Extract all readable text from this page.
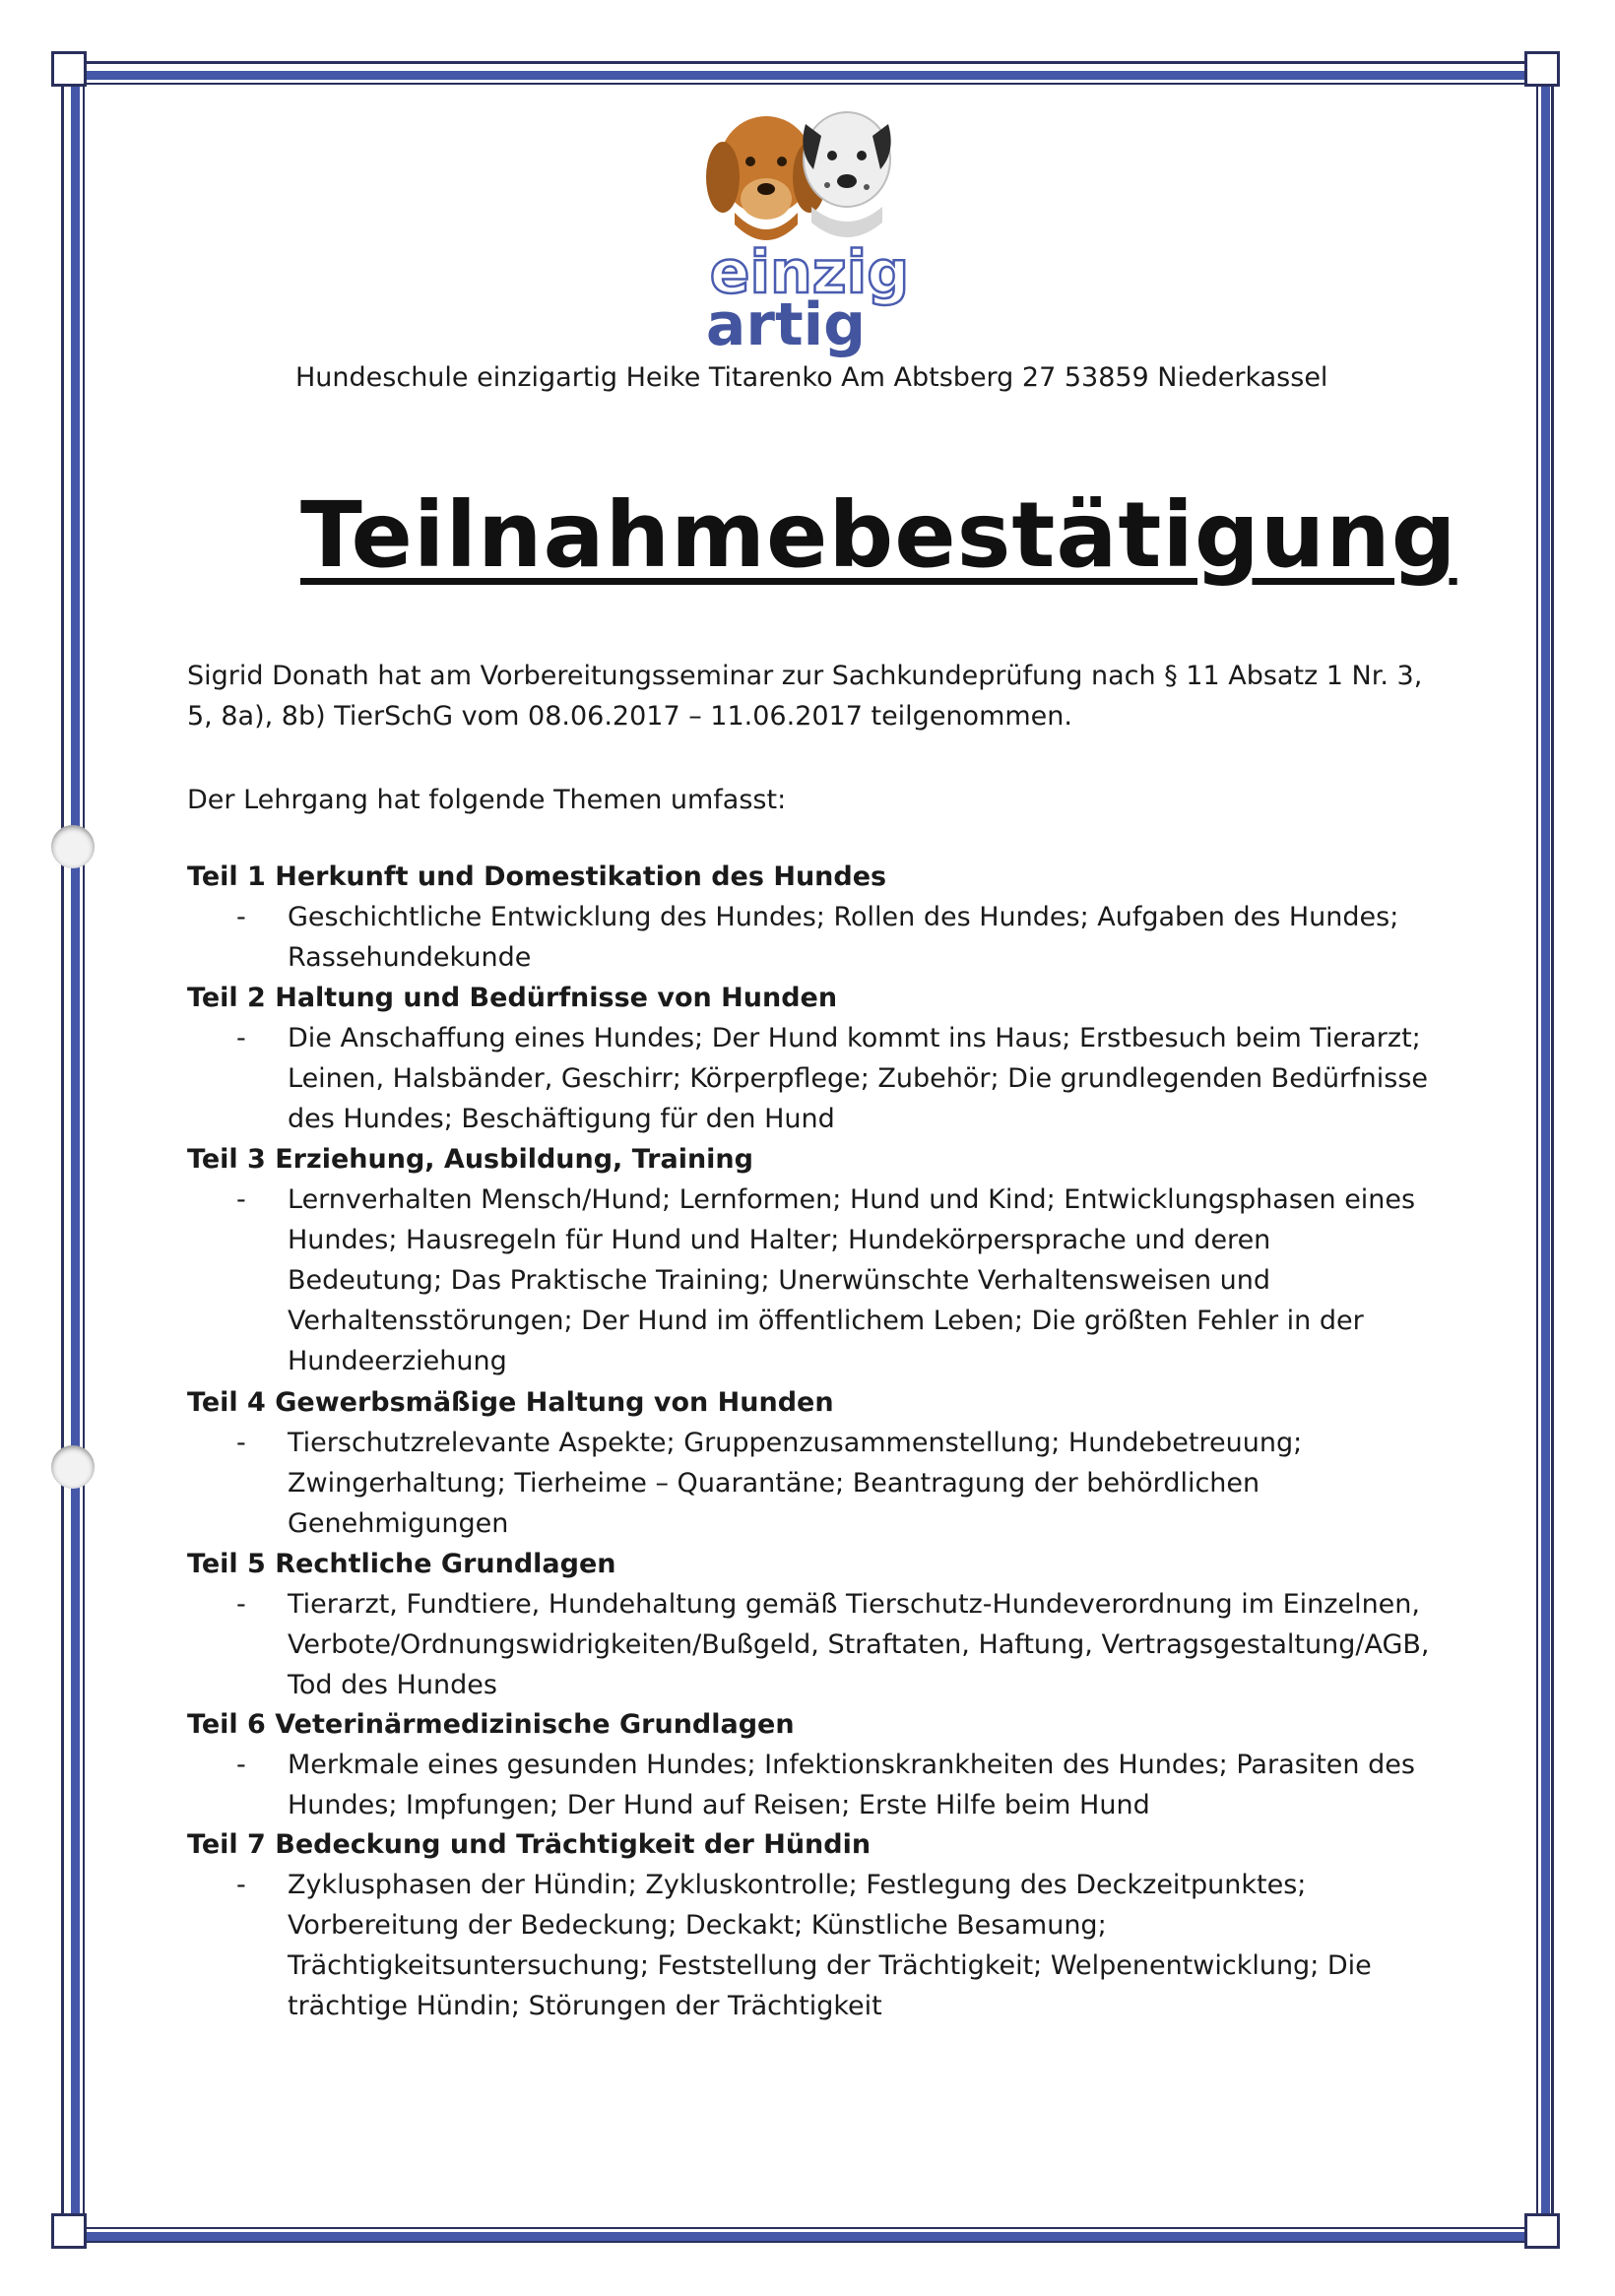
einzig
artig
Hundeschule einzigartig Heike Titarenko Am Abtsberg 27 53859 Niederkassel
Teilnahmebestätigung
Sigrid Donath hat am Vorbereitungsseminar zur Sachkundeprüfung nach § 11 Absatz 1 Nr. 3, 5, 8a), 8b) TierSchG vom 08.06.2017 – 11.06.2017 teilgenommen.
Der Lehrgang hat folgende Themen umfasst:
Teil 1 Herkunft und Domestikation des Hundes
-	Geschichtliche Entwicklung des Hundes; Rollen des Hundes; Aufgaben des Hundes; Rassehundekunde
Teil 2 Haltung und Bedürfnisse von Hunden
-	Die Anschaffung eines Hundes; Der Hund kommt ins Haus; Erstbesuch beim Tierarzt; Leinen, Halsbänder, Geschirr; Körperpflege; Zubehör; Die grundlegenden Bedürfnisse des Hundes; Beschäftigung für den Hund
Teil 3 Erziehung, Ausbildung, Training
-	Lernverhalten Mensch/Hund; Lernformen; Hund und Kind; Entwicklungsphasen eines Hundes; Hausregeln für Hund und Halter; Hundekörpersprache und deren Bedeutung; Das Praktische Training; Unerwünschte Verhaltensweisen und Verhaltensstörungen; Der Hund im öffentlichem Leben; Die größten Fehler in der Hundeerziehung
Teil 4 Gewerbsmäßige Haltung von Hunden
-	Tierschutzrelevante Aspekte; Gruppenzusammenstellung; Hundebetreuung; Zwingerhaltung; Tierheime – Quarantäne; Beantragung der behördlichen Genehmigungen
Teil 5 Rechtliche Grundlagen
-	Tierarzt, Fundtiere, Hundehaltung gemäß Tierschutz-Hundeverordnung im Einzelnen, Verbote/Ordnungswidrigkeiten/Bußgeld, Straftaten, Haftung, Vertragsgestaltung/AGB, Tod des Hundes
Teil 6 Veterinärmedizinische Grundlagen
-	Merkmale eines gesunden Hundes; Infektionskrankheiten des Hundes; Parasiten des Hundes; Impfungen; Der Hund auf Reisen; Erste Hilfe beim Hund
Teil 7 Bedeckung und Trächtigkeit der Hündin
-	Zyklusphasen der Hündin; Zykluskontrolle; Festlegung des Deckzeitpunktes; Vorbereitung der Bedeckung; Deckakt; Künstliche Besamung; Trächtigkeitsuntersuchung; Feststellung der Trächtigkeit; Welpenentwicklung; Die trächtige Hündin; Störungen der Trächtigkeit
